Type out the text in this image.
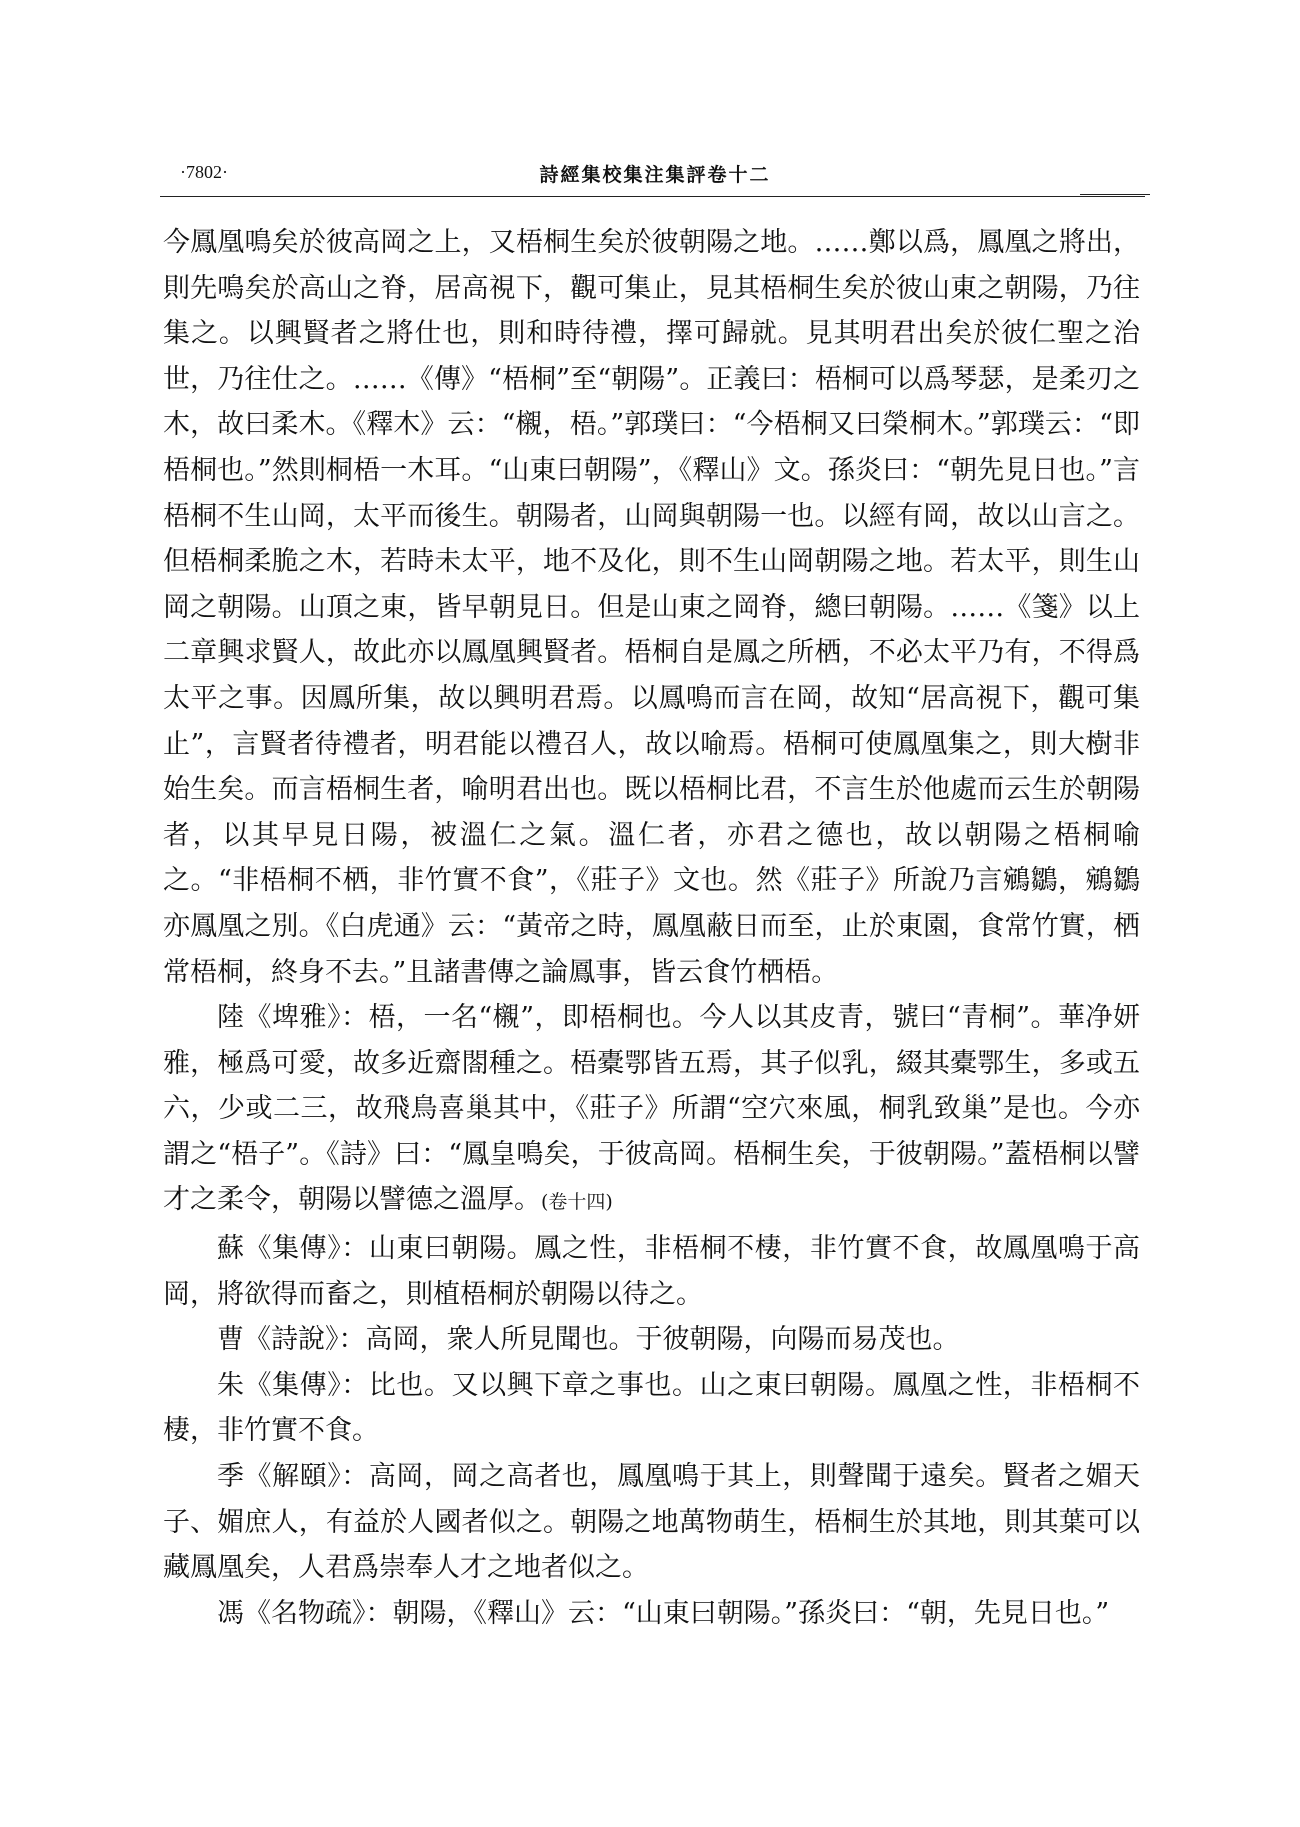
·7802·	詩經集校集注集評卷十二

今鳳凰鳴矣於彼高岡之上，又梧桐生矣於彼朝陽之地。……鄭以爲，鳳凰之將出，則先鳴矣於高山之脊，居高視下，觀可集止，見其梧桐生矣於彼山東之朝陽，乃往集之。以興賢者之將仕也，則和時待禮，擇可歸就。見其明君出矣於彼仁聖之治世，乃往仕之。……《傳》“梧桐”至“朝陽”。正義曰：梧桐可以爲琴瑟，是柔刃之木，故曰柔木。《釋木》云：“櫬，梧。”郭璞曰：“今梧桐又曰榮桐木。”郭璞云：“即梧桐也。”然則桐梧一木耳。“山東曰朝陽”，《釋山》文。孫炎曰：“朝先見日也。”言梧桐不生山岡，太平而後生。朝陽者，山岡與朝陽一也。以經有岡，故以山言之。但梧桐柔脆之木，若時未太平，地不及化，則不生山岡朝陽之地。若太平，則生山岡之朝陽。山頂之東，皆早朝見日。但是山東之岡脊，總曰朝陽。……《箋》以上二章興求賢人，故此亦以鳳凰興賢者。梧桐自是鳳之所栖，不必太平乃有，不得爲太平之事。因鳳所集，故以興明君焉。以鳳鳴而言在岡，故知“居高視下，觀可集止”，言賢者待禮者，明君能以禮召人，故以喻焉。梧桐可使鳳凰集之，則大樹非始生矣。而言梧桐生者，喻明君出也。既以梧桐比君，不言生於他處而云生於朝陽者，以其早見日陽，被溫仁之氣。溫仁者，亦君之德也，故以朝陽之梧桐喻之。“非梧桐不栖，非竹實不食”，《莊子》文也。然《莊子》所說乃言鵷鶵，鵷鶵亦鳳凰之別。《白虎通》云：“黃帝之時，鳳凰蔽日而至，止於東園，食常竹實，栖常梧桐，終身不去。”且諸書傳之論鳳事，皆云食竹栖梧。

陸《埤雅》：梧，一名“櫬”，即梧桐也。今人以其皮青，號曰“青桐”。華净妍雅，極爲可愛，故多近齋閤種之。梧橐鄂皆五焉，其子似乳，綴其橐鄂生，多或五六，少或二三，故飛鳥喜巢其中，《莊子》所謂“空穴來風，桐乳致巢”是也。今亦謂之“梧子”。《詩》曰：“鳳皇鳴矣，于彼高岡。梧桐生矣，于彼朝陽。”蓋梧桐以譬才之柔令，朝陽以譬德之溫厚。(卷十四)

蘇《集傳》：山東曰朝陽。鳳之性，非梧桐不棲，非竹實不食，故鳳凰鳴于高岡，將欲得而畜之，則植梧桐於朝陽以待之。

曹《詩說》：高岡，衆人所見聞也。于彼朝陽，向陽而易茂也。

朱《集傳》：比也。又以興下章之事也。山之東曰朝陽。鳳凰之性，非梧桐不棲，非竹實不食。

季《解頤》：高岡，岡之高者也，鳳凰鳴于其上，則聲聞于遠矣。賢者之媚天子、媚庶人，有益於人國者似之。朝陽之地萬物萌生，梧桐生於其地，則其葉可以藏鳳凰矣，人君爲崇奉人才之地者似之。

馮《名物疏》：朝陽，《釋山》云：“山東曰朝陽。”孫炎曰：“朝，先見日也。”
